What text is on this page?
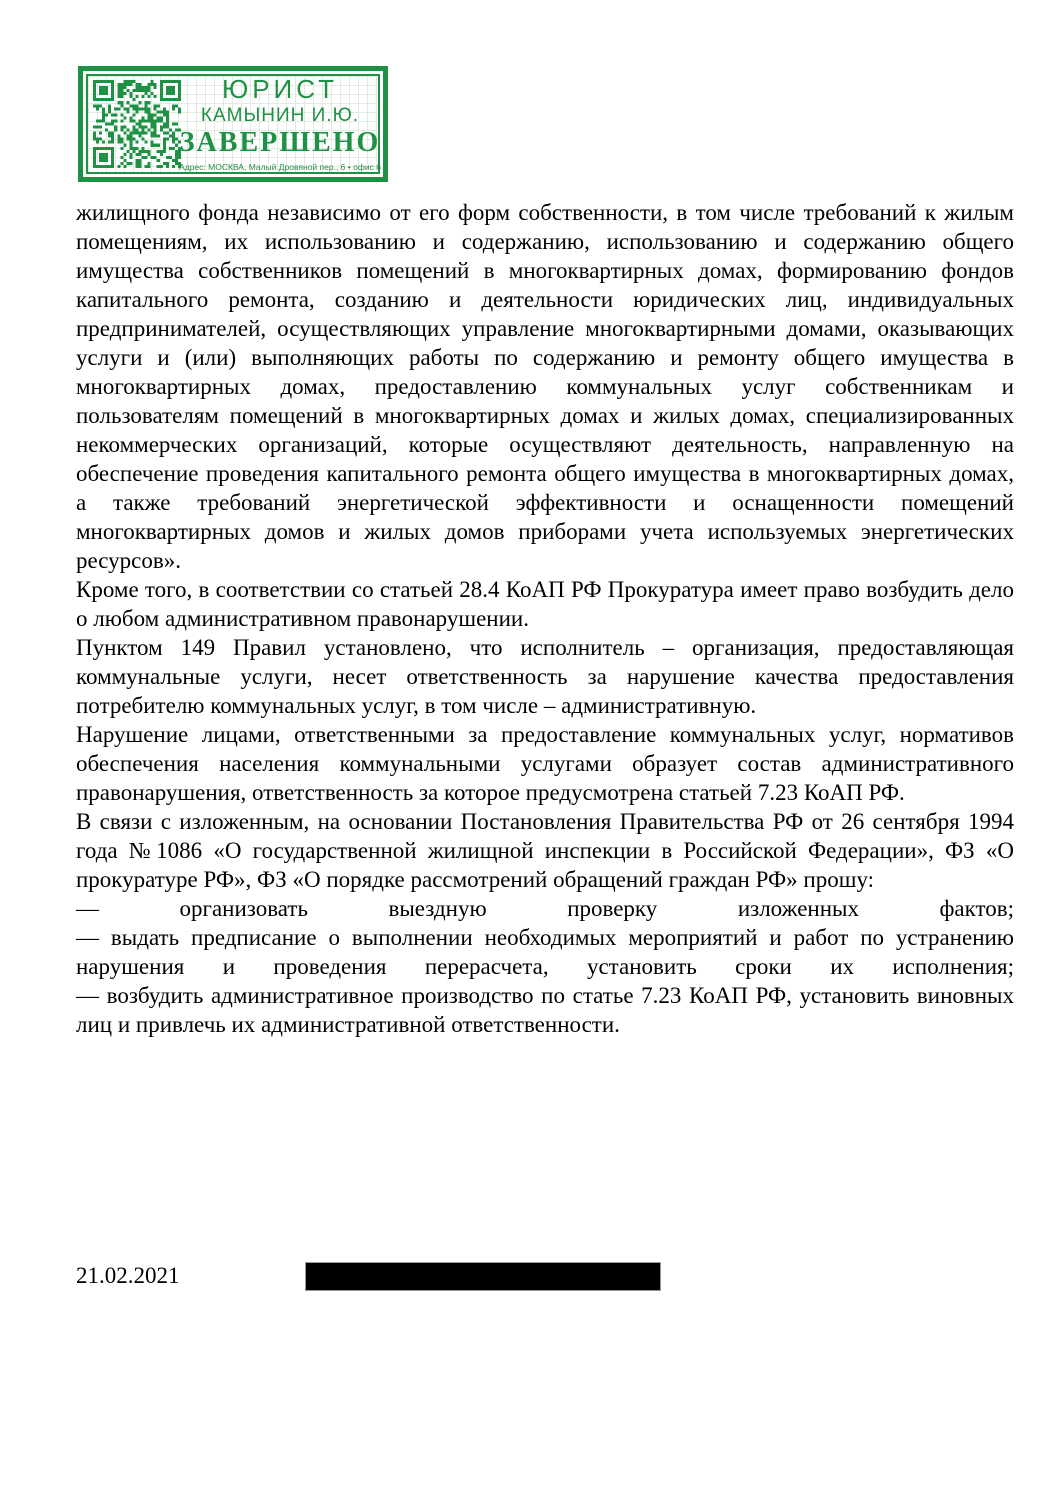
ЮРИСТ
КАМЫНИН И.Ю.
ЗАВЕРШЕНО
Адрес: МОСКВА, Малый Дровяной пер., 6 • офис 6

жилищного фонда независимо от его форм собственности, в том числе требований к жилым помещениям, их использованию и содержанию, использованию и содержанию общего имущества собственников помещений в многоквартирных домах, формированию фондов капитального ремонта, созданию и деятельности юридических лиц, индивидуальных предпринимателей, осуществляющих управление многоквартирными домами, оказывающих услуги и (или) выполняющих работы по содержанию и ремонту общего имущества в многоквартирных домах, предоставлению коммунальных услуг собственникам и пользователям помещений в многоквартирных домах и жилых домах, специализированных некоммерческих организаций, которые осуществляют деятельность, направленную на обеспечение проведения капитального ремонта общего имущества в многоквартирных домах, а также требований энергетической эффективности и оснащенности помещений многоквартирных домов и жилых домов приборами учета используемых энергетических ресурсов».

Кроме того, в соответствии со статьей 28.4 КоАП РФ Прокуратура имеет право возбудить дело о любом административном правонарушении.

Пунктом 149 Правил установлено, что исполнитель – организация, предоставляющая коммунальные услуги, несет ответственность за нарушение качества предоставления потребителю коммунальных услуг, в том числе – административную.

Нарушение лицами, ответственными за предоставление коммунальных услуг, нормативов обеспечения населения коммунальными услугами образует состав административного правонарушения, ответственность за которое предусмотрена статьей 7.23 КоАП РФ.

В связи с изложенным, на основании Постановления Правительства РФ от 26 сентября 1994 года №1086 «О государственной жилищной инспекции в Российской Федерации», ФЗ «О прокуратуре РФ», ФЗ «О порядке рассмотрений обращений граждан РФ» прошу:

— организовать выездную проверку изложенных фактов;

— выдать предписание о выполнении необходимых мероприятий и работ по устранению нарушения и проведения перерасчета, установить сроки их исполнения;

— возбудить административное производство по статье 7.23 КоАП РФ, установить виновных лиц и привлечь их административной ответственности.

21.02.2021
